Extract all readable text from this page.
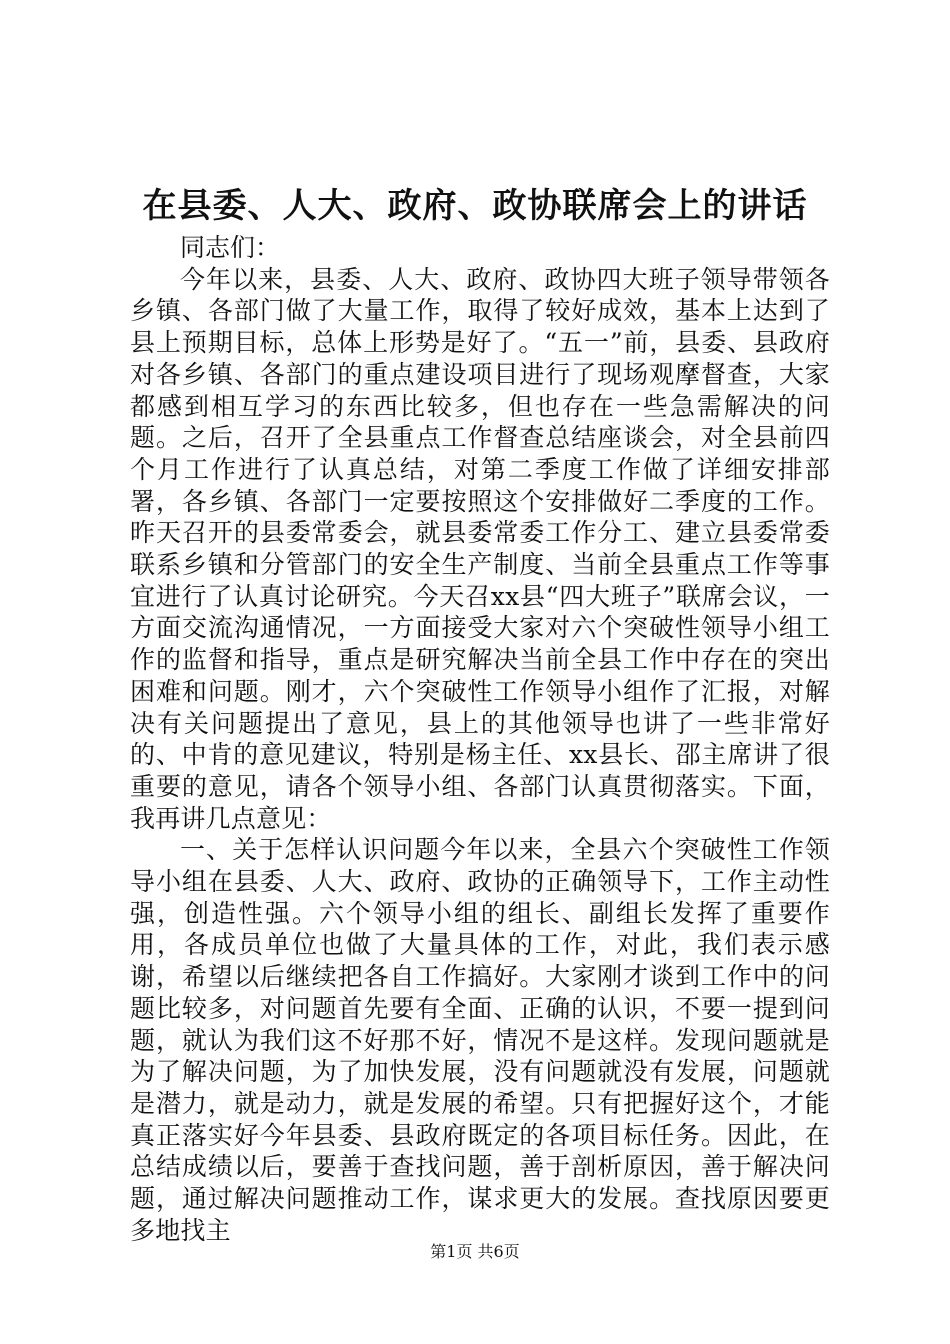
在县委、人大、政府、政协联席会上的讲话

同志们：

今年以来，县委、人大、政府、政协四大班子领导带领各乡镇、各部门做了大量工作，取得了较好成效，基本上达到了县上预期目标，总体上形势是好了。“五一”前，县委、县政府对各乡镇、各部门的重点建设项目进行了现场观摩督查，大家都感到相互学习的东西比较多，但也存在一些急需解决的问题。之后，召开了全县重点工作督查总结座谈会，对全县前四个月工作进行了认真总结，对第二季度工作做了详细安排部署，各乡镇、各部门一定要按照这个安排做好二季度的工作。昨天召开的县委常委会，就县委常委工作分工、建立县委常委联系乡镇和分管部门的安全生产制度、当前全县重点工作等事宜进行了认真讨论研究。今天召xx县“四大班子”联席会议，一方面交流沟通情况，一方面接受大家对六个突破性领导小组工作的监督和指导，重点是研究解决当前全县工作中存在的突出困难和问题。刚才，六个突破性工作领导小组作了汇报，对解决有关问题提出了意见，县上的其他领导也讲了一些非常好的、中肯的意见建议，特别是杨主任、xx县长、邵主席讲了很重要的意见，请各个领导小组、各部门认真贯彻落实。下面，我再讲几点意见：

一、关于怎样认识问题今年以来，全县六个突破性工作领导小组在县委、人大、政府、政协的正确领导下，工作主动性强，创造性强。六个领导小组的组长、副组长发挥了重要作用，各成员单位也做了大量具体的工作，对此，我们表示感谢，希望以后继续把各自工作搞好。大家刚才谈到工作中的问题比较多，对问题首先要有全面、正确的认识，不要一提到问题，就认为我们这不好那不好，情况不是这样。发现问题就是为了解决问题，为了加快发展，没有问题就没有发展，问题就是潜力，就是动力，就是发展的希望。只有把握好这个，才能真正落实好今年县委、县政府既定的各项目标任务。因此，在总结成绩以后，要善于查找问题，善于剖析原因，善于解决问题，通过解决问题推动工作，谋求更大的发展。查找原因要更多地找主

第1页 共6页
